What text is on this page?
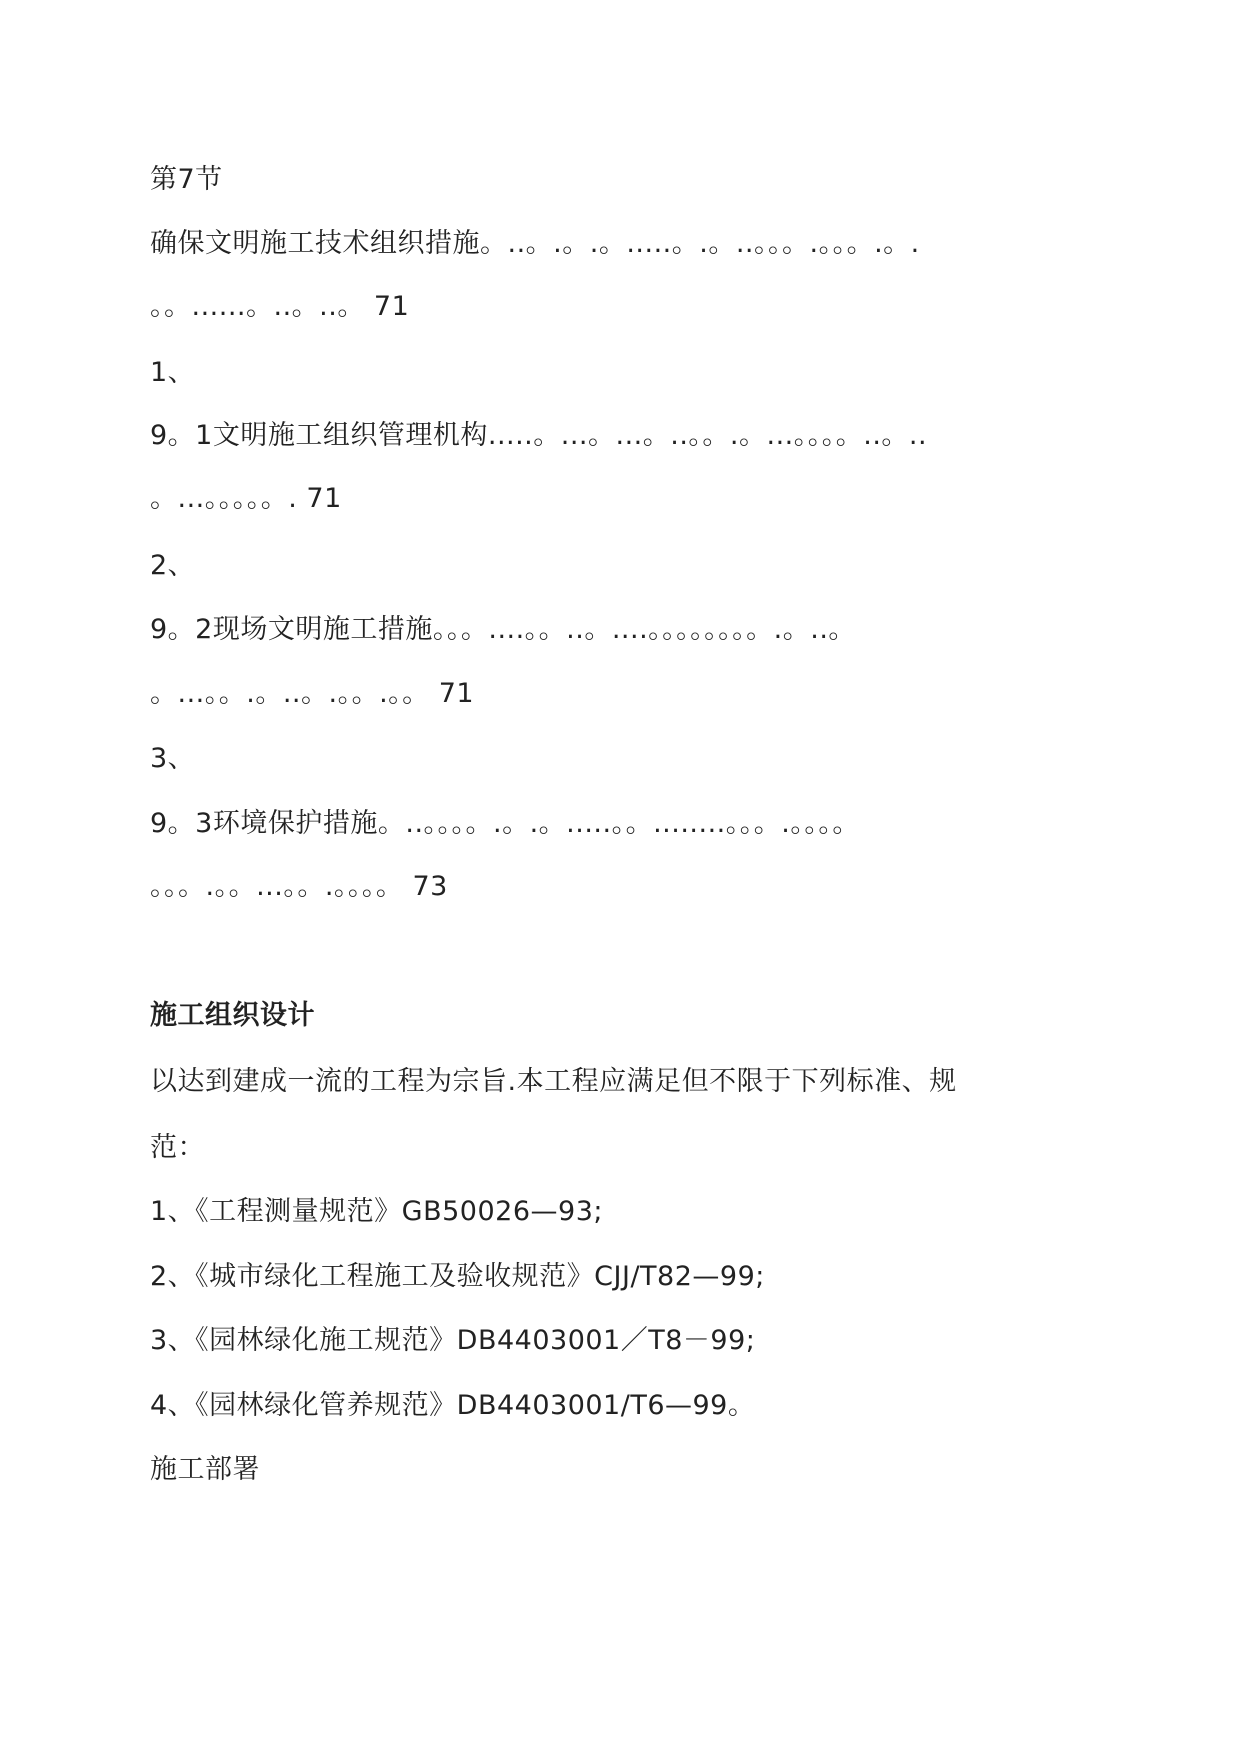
第7节
确保文明施工技术组织措施。..。.。.。.....。.。..。。。.。。。.。.
。。......。..。..。 71
1、
9。1文明施工组织管理机构.....。...。...。..。。.。...。。。。..。..
。...。。。。。. 71
2、
9。2现场文明施工措施。。。....。。..。....。。。。。。。。.。..。
。...。。.。..。.。。.。。 71
3、
9。3环境保护措施。..。。。。.。.。.....。。........。。。.。。。。
。。。.。。...。。.。。。。 73
施工组织设计
以达到建成一流的工程为宗旨.本工程应满足但不限于下列标准、规
范：
1、《工程测量规范》GB50026—93;
2、《城市绿化工程施工及验收规范》CJJ/T82—99;
3、《园林绿化施工规范》DB4403001／T8－99;
4、《园林绿化管养规范》DB4403001/T6—99。
施工部署
